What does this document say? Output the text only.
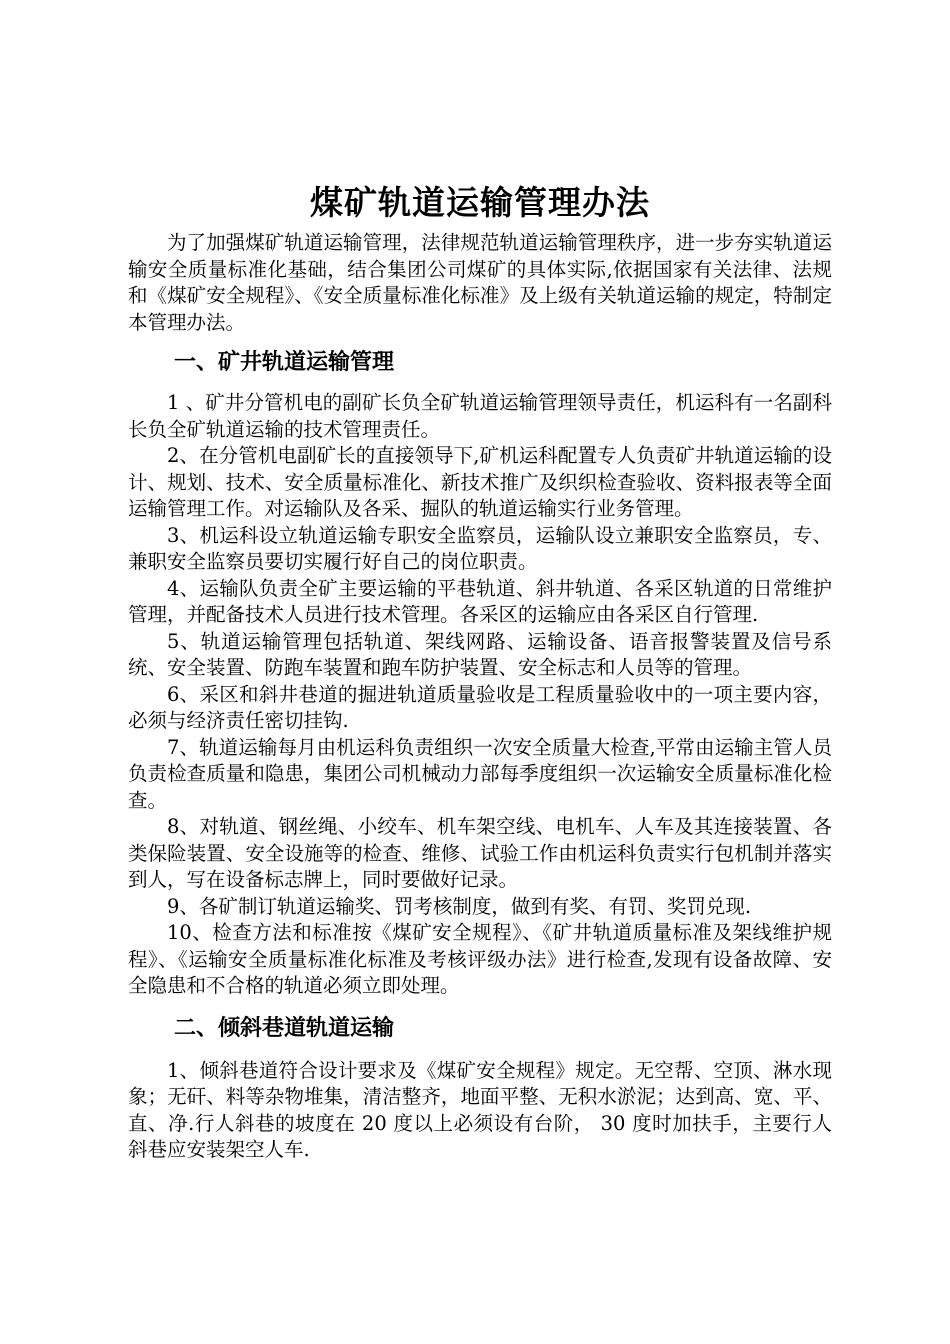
煤矿轨道运输管理办法

为了加强煤矿轨道运输管理，法律规范轨道运输管理秩序，进一步夯实轨道运输安全质量标准化基础，结合集团公司煤矿的具体实际,依据国家有关法律、法规和《煤矿安全规程》、《安全质量标准化标准》及上级有关轨道运输的规定，特制定本管理办法。

一、矿井轨道运输管理

1 、矿井分管机电的副矿长负全矿轨道运输管理领导责任，机运科有一名副科长负全矿轨道运输的技术管理责任。

2、在分管机电副矿长的直接领导下,矿机运科配置专人负责矿井轨道运输的设计、规划、技术、安全质量标准化、新技术推广及织织检查验收、资料报表等全面运输管理工作。对运输队及各采、掘队的轨道运输实行业务管理。

3、机运科设立轨道运输专职安全监察员，运输队设立兼职安全监察员，专、兼职安全监察员要切实履行好自己的岗位职责。

4、运输队负责全矿主要运输的平巷轨道、斜井轨道、各采区轨道的日常维护管理，并配备技术人员进行技术管理。各采区的运输应由各采区自行管理.

5、轨道运输管理包括轨道、架线网路、运输设备、语音报警装置及信号系统、安全装置、防跑车装置和跑车防护装置、安全标志和人员等的管理。

6、采区和斜井巷道的掘进轨道质量验收是工程质量验收中的一项主要内容，必须与经济责任密切挂钩.

7、轨道运输每月由机运科负责组织一次安全质量大检查,平常由运输主管人员负责检查质量和隐患，集团公司机械动力部每季度组织一次运输安全质量标准化检查。

8、对轨道、钢丝绳、小绞车、机车架空线、电机车、人车及其连接装置、各类保险装置、安全设施等的检查、维修、试验工作由机运科负责实行包机制并落实到人，写在设备标志牌上，同时要做好记录。

9、各矿制订轨道运输奖、罚考核制度，做到有奖、有罚、奖罚兑现.

10、检查方法和标准按《煤矿安全规程》、《矿井轨道质量标准及架线维护规程》、《运输安全质量标准化标准及考核评级办法》进行检查,发现有设备故障、安全隐患和不合格的轨道必须立即处理。

二、倾斜巷道轨道运输

1、倾斜巷道符合设计要求及《煤矿安全规程》规定。无空帮、空顶、淋水现象；无矸、料等杂物堆集，清洁整齐，地面平整、无积水淤泥；达到高、宽、平、直、净.行人斜巷的坡度在 20 度以上必须设有台阶， 30 度时加扶手，主要行人斜巷应安装架空人车.
